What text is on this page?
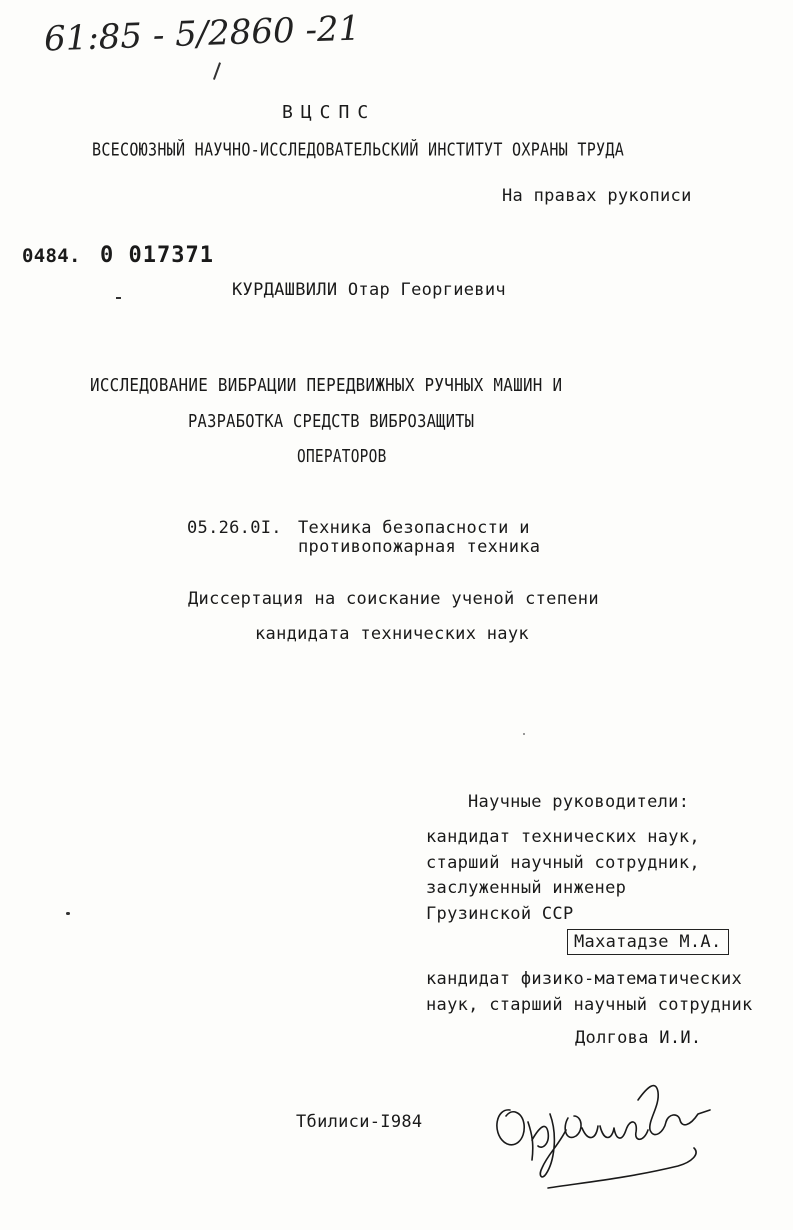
61:85 - 5/2860 -21
ВЦСПС
ВСЕСОЮЗНЫЙ НАУЧНО-ИССЛЕДОВАТЕЛЬСКИЙ ИНСТИТУТ ОХРАНЫ ТРУДА
На правах рукописи
0484. 0 017371
КУРДАШВИЛИ Отар Георгиевич
ИССЛЕДОВАНИЕ ВИБРАЦИИ ПЕРЕДВИЖНЫХ РУЧНЫХ МАШИН И
РАЗРАБОТКА СРЕДСТВ ВИБРОЗАЩИТЫ
ОПЕРАТОРОВ
05.26.0I. Техника безопасности и
противопожарная техника
Диссертация на соискание ученой степени
кандидата технических наук
Научные руководители:
кандидат технических наук,
старший научный сотрудник,
заслуженный инженер
Грузинской ССР
Махатадзе М.А.
кандидат физико-математических
наук, старший научный сотрудник
Долгова И.И.
Тбилиси-I984
